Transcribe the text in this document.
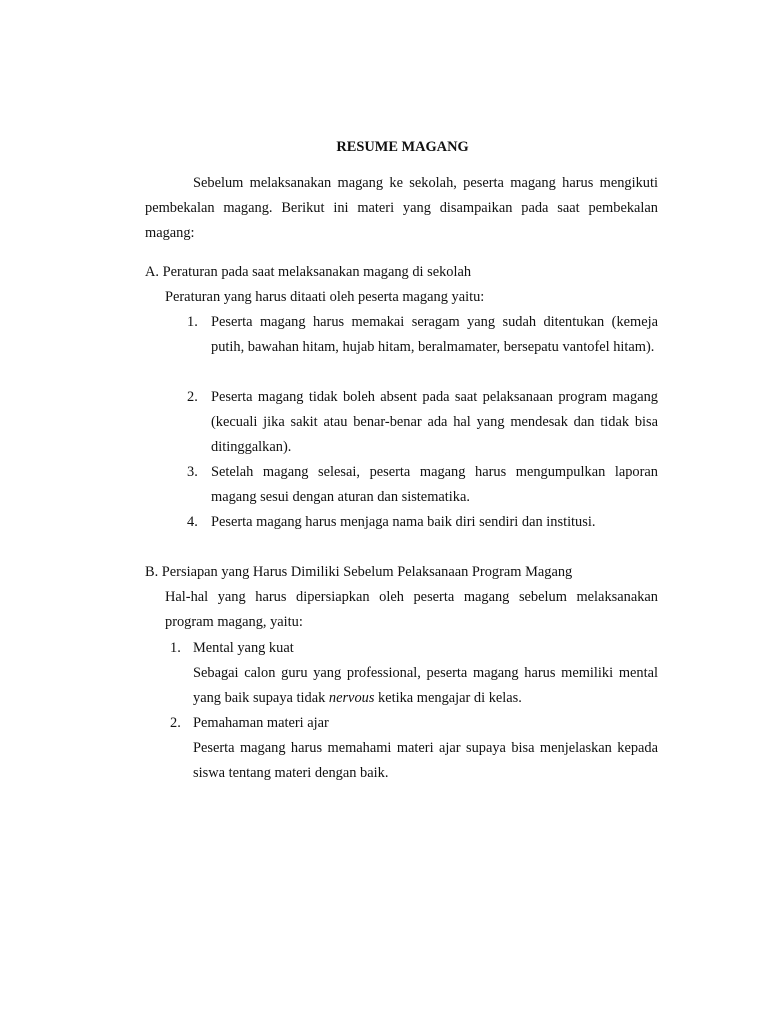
RESUME MAGANG
Sebelum melaksanakan magang ke sekolah, peserta magang harus mengikuti pembekalan magang. Berikut ini materi yang disampaikan pada saat pembekalan magang:
A. Peraturan pada saat melaksanakan magang di sekolah
Peraturan yang harus ditaati oleh peserta magang yaitu:
1. Peserta magang harus memakai seragam yang sudah ditentukan (kemeja putih, bawahan hitam, hujab hitam, beralmamater, bersepatu vantofel hitam).
2. Peserta magang tidak boleh absent pada saat pelaksanaan program magang (kecuali jika sakit atau benar-benar ada hal yang mendesak dan tidak bisa ditinggalkan).
3. Setelah magang selesai, peserta magang harus mengumpulkan laporan magang sesui dengan aturan dan sistematika.
4. Peserta magang harus menjaga nama baik diri sendiri dan institusi.
B. Persiapan yang Harus Dimiliki Sebelum Pelaksanaan Program Magang
Hal-hal yang harus dipersiapkan oleh peserta magang sebelum melaksanakan program magang, yaitu:
1. Mental yang kuat
Sebagai calon guru yang professional, peserta magang harus memiliki mental yang baik supaya tidak nervous ketika mengajar di kelas.
2. Pemahaman materi ajar
Peserta magang harus memahami materi ajar supaya bisa menjelaskan kepada siswa tentang materi dengan baik.
